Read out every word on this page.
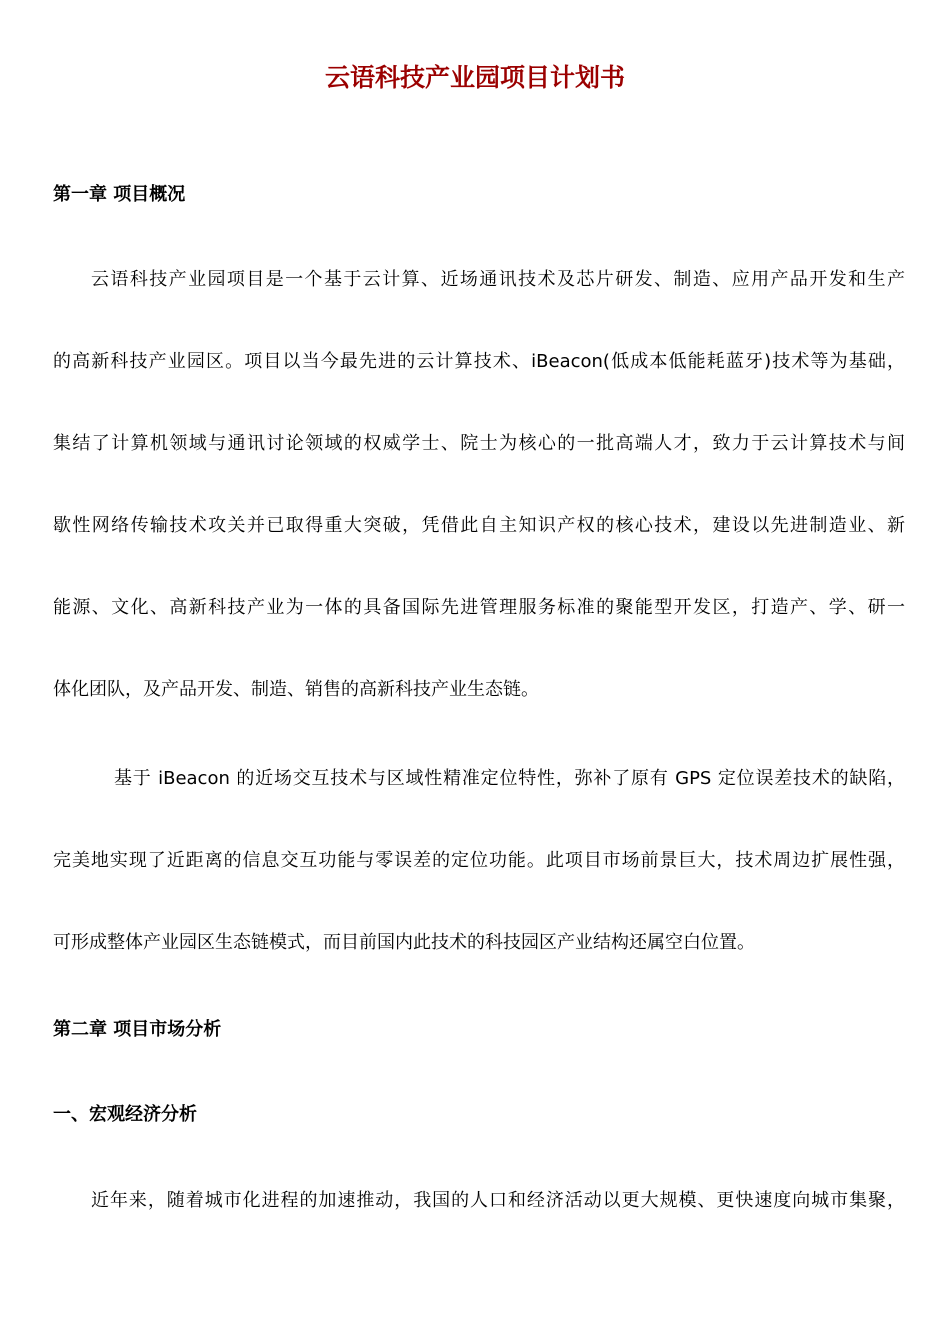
云语科技产业园项目计划书
第一章 项目概况
云语科技产业园项目是一个基于云计算、近场通讯技术及芯片研发、制造、应用产品开发和生产
的高新科技产业园区。项目以当今最先进的云计算技术、iBeacon(低成本低能耗蓝牙)技术等为基础，
集结了计算机领域与通讯讨论领域的权威学士、院士为核心的一批高端人才，致力于云计算技术与间
歇性网络传输技术攻关并已取得重大突破，凭借此自主知识产权的核心技术，建设以先进制造业、新
能源、文化、高新科技产业为一体的具备国际先进管理服务标准的聚能型开发区，打造产、学、研一
体化团队，及产品开发、制造、销售的高新科技产业生态链。
基于 iBeacon 的近场交互技术与区域性精准定位特性，弥补了原有 GPS 定位误差技术的缺陷，
完美地实现了近距离的信息交互功能与零误差的定位功能。此项目市场前景巨大，技术周边扩展性强，
可形成整体产业园区生态链模式，而目前国内此技术的科技园区产业结构还属空白位置。
第二章 项目市场分析
一、宏观经济分析
近年来，随着城市化进程的加速推动，我国的人口和经济活动以更大规模、更快速度向城市集聚，
